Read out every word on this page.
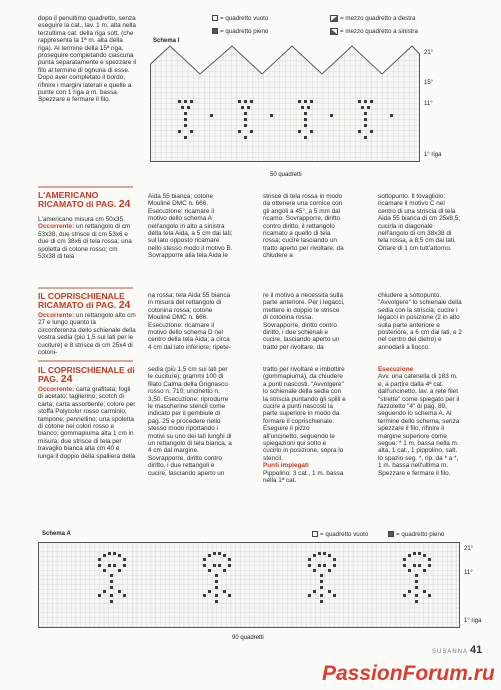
= quadretto vuoto
= quadretto pieno
= mezzo quadretto a destra
= mezzo quadretto a sinistra

dopo il penultimo quadretto, senza eseguire la cat., lav. 1 m. alta nella terzultima cat. della riga sott. (che rappresenta la 1ª m. alta della riga). Al termine della 15ª riga, proseguire completando ciascuna punta separatamente e spezzare il filo al termine di ognuna di esse. Dopo aver completato il bordo, rifinire i margini laterali e quelle a punte con 1 riga a m. bassa. Spezzare e fermare il filo.

Schema I
21°
15°
11°
1° riga
50 quadretti

L'AMERICANO RICAMATO di PAG. 24

L'americano misura cm 50x35. Occorrente: un rettangolo di cm 53x38, due strisce di cm 53x6 e due di cm 38x6 di tela rossa; una spoletta di cotone rosso; cm 53x38 di tela

Aida 55 bianca; cotone Mouliné DMC n. 666. Esecuzione: ricamare il motivo dello schema A nell'angolo in alto a sinistra della tela Aida, a 5 cm dai lati; sul lato opposto ricamare nello stesso modo il motivo B. Sovrapporre alla tela Aida le

strisce di tela rossa in modo da ottenere una cornice con gli angoli a 45°, a 5 mm dal ricamo. Sovrapporre, diritto contro diritto, il rettangolo ricamato a quello di tela rossa; cucire lasciando un tratto aperto per rivoltare, da chiudere a

sottopunto. Il tovagliolo: ricamare il motivo C nel centro di una striscia di tela Aida 55 bianca di cm 25x8,5; cucirla in diagonale nell'angolo di cm 38x38 di tela rossa, a 8,5 cm dai lati. Orlare di 1 cm tutt'attorno.

IL COPRISCHIENALE RICAMATO di PAG. 24

Occorrente: un rettangolo alto cm 27 e lungo quanto la circonferenza dello schienale della vostra sedia (più 1,5 sui lati per le cuciture) e 8 strisce di cm 25x4 di cotoni-

na rossa; tela Aida 55 bianca in misura del rettangolo di cotonina rossa; cotone Mouliné DMC n. 666. Esecuzione: ricamare il motivo dello schema D nel centro della tela Aida; a circa 4 cm dal lato inferiore; ripete-

re il motivo a necessità sulla parte anteriore. Per i legacci, mettere in doppio le strisce di cotonina rossa. Sovrapporre, diritto contro diritto, i due schienali e cucire, lasciando aperto un tratto per rivoltare, da

chiudere a sottopunto. "Avvolgere" lo schienale della sedia con la striscia; cucire i legacci in posizione (2 in alto sulla parte anteriore e posteriore, a 6 cm dai lati, e 2 nel centro dei dietro) e annodarli a fiocco.

IL COPRISCHIENALE di PAG. 24

Occorrente: carta grafitata; fogli di acetato; taglierino; scotch di carta; carta assorbente; colore per stoffa Polycolor rosso carminio; tampone; pennellino; una spoletta di cotone nei colori rosso e bianco; gommapiuma alta 1 cm in misura; due strisce di tela per travaglio bianca alta cm 40 e lunga il doppio della spalliera della

sedia (più 1,5 cm sui lati per le cuciture); grammi 100 di filato Calma della Grignasco rosso n. 710; uncinetto n. 3,50. Esecuzione: riprodurre le mascherine stencil come indicato per il gembiule di pag. 25 e procedere nello stesso modo riportando i motivi su uno dei lati lunghi di un rettangolo di tela bianca, a 4 cm dal margine. Sovrapporre, diritto contro diritto, i due rettangoli e cucire, lasciando aperto un

tratto per rivoltare e imbottire (gommapiuma), da chiudere a punti nascosti. "Avvolgere" lo schienale della sedia con la striscia puntando gli spilli e cucire a punti nascosti la parte superiore in modo da formare il coprischienale. Eseguire il pizzo all'uncinetto, seguendo le spiegazioni qui sotto e cucirlo in posizione, sopra lo stencil.
Punti impiegati
Pippolino: 3 cat., 1 m. bassa nella 1ª cat.

Esecuzione
Avv. una catenella di 183 m. e, a partire dalla 4ª cat. dall'uncinetto, lav. a rete filet "strette" come spiegato per il fazzoletto "4" di pag. 89, seguendo lo schema A. Al termine dello schema, senza spezzare il filo, rifinire il margine superiore come segue: * 1 m. bassa nella m. alta, 1 cat., 1 pippolino, salt. lo spazio seg. *, rip. da * a *, 1 m. bassa nell'ultima m. Spezzare e fermare il filo.

Schema A	= quadretto vuoto	= quadretto pieno
21°
11°
1° riga
90 quadretti
SUSANNA 41
PassionForum.ru
